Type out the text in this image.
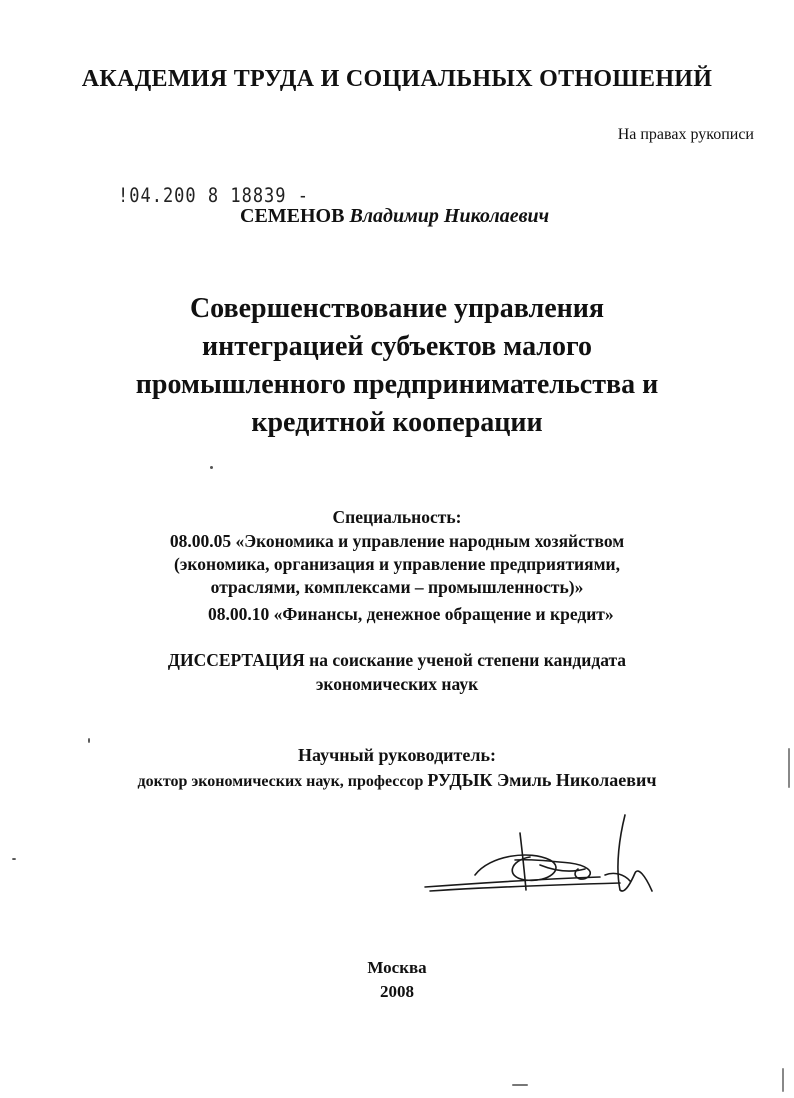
АКАДЕМИЯ ТРУДА И СОЦИАЛЬНЫХ ОТНОШЕНИЙ
На правах рукописи
!04.200 8 18839 -
СЕМЕНОВ Владимир Николаевич
Совершенствование управления
интеграцией субъектов малого
промышленного предпринимательства и
кредитной кооперации
Специальность:
08.00.05 «Экономика и управление народным хозяйством
(экономика, организация и управление предприятиями,
отраслями, комплексами – промышленность)»
08.00.10 «Финансы, денежное обращение и кредит»
ДИССЕРТАЦИЯ на соискание ученой степени кандидата
экономических наук
Научный руководитель:
доктор экономических наук, профессор РУДЫК Эмиль Николаевич
Москва
2008
